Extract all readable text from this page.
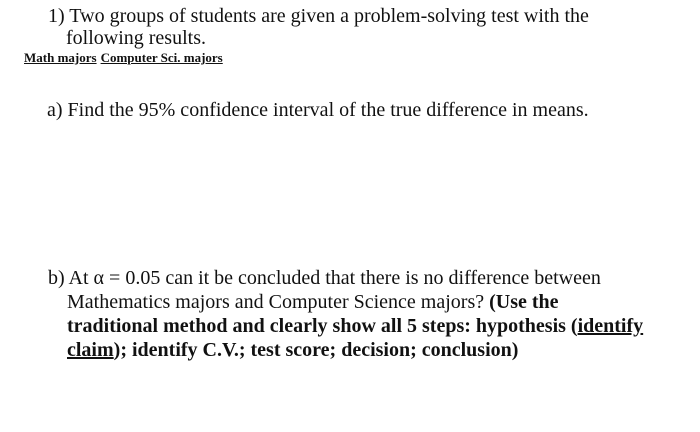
1) Two groups of students are given a problem-solving test with the
following results.
Math majors Computer Sci. majors
a) Find the 95% confidence interval of the true difference in means.
b) At α = 0.05 can it be concluded that there is no difference between
Mathematics majors and Computer Science majors? (Use the
traditional method and clearly show all 5 steps: hypothesis (identify
claim); identify C.V.; test score; decision; conclusion)
